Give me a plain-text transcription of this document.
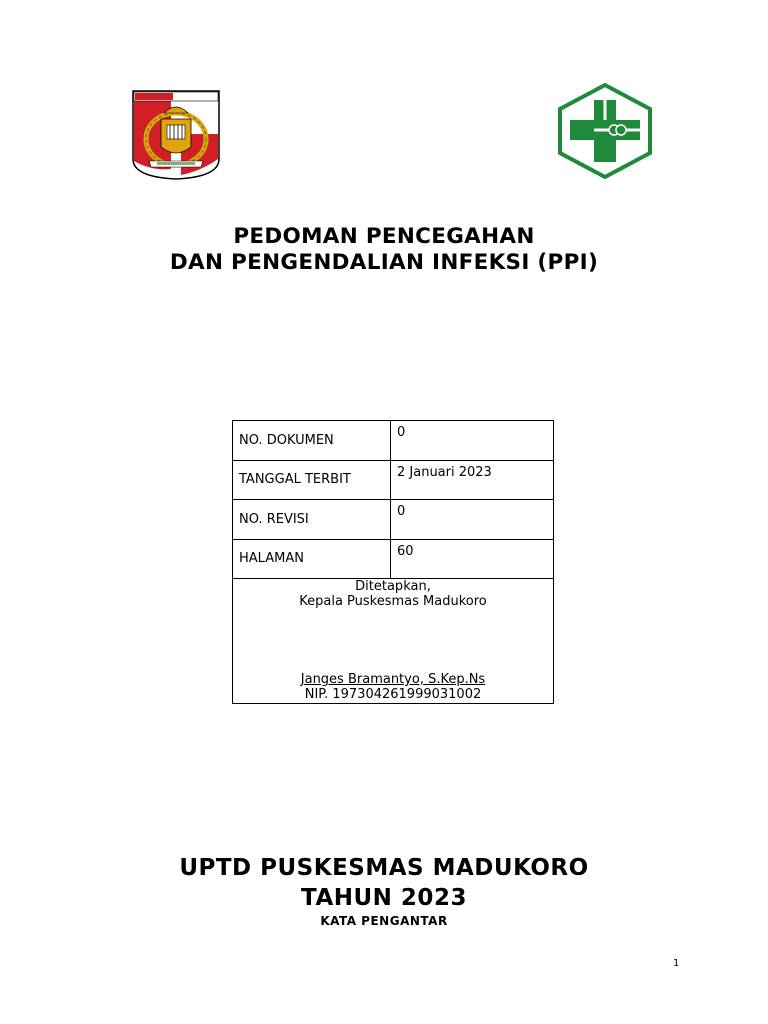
PEDOMAN PENCEGAHAN
DAN PENGENDALIAN INFEKSI (PPI)
NO. DOKUMEN	0
TANGGAL TERBIT	2 Januari 2023
NO. REVISI	0
HALAMAN	60

Ditetapkan,
Kepala Puskesmas Madukoro
Janges Bramantyo, S.Kep.Ns
NIP. 197304261999031002	
UPTD PUSKESMAS MADUKORO
TAHUN 2023
KATA PENGANTAR
1
